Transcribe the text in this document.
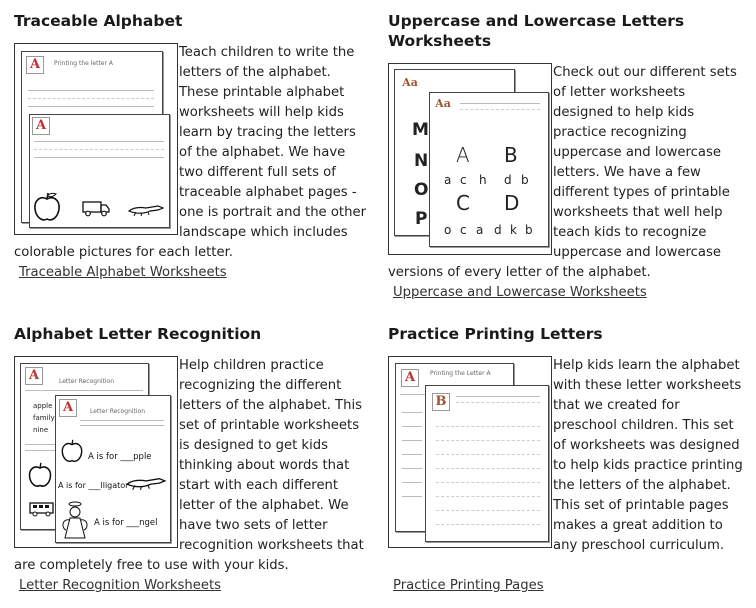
Traceable Alphabet
Teach children to write the letters of the alphabet. These printable alphabet worksheets will help kids learn by tracing the letters of the alphabet. We have two different full sets of traceable alphabet pages - one is portrait and the other landscape which includes colorable pictures for each letter.
A	Printing the letter A
A
Traceable Alphabet Worksheets
Uppercase and Lowercase Letters
Worksheets
Check out our different sets of letter worksheets designed to help kids practice recognizing uppercase and lowercase letters. We have a few different types of printable worksheets that well help teach kids to recognize uppercase and lowercase versions of every letter of the alphabet.
Aa
M
N
O
P
Aa
A B
a c h d b
C D
o c a d k b
Uppercase and Lowercase Worksheets
Alphabet Letter Recognition
Help children practice recognizing the different letters of the alphabet. This set of printable worksheets is designed to get kids thinking about words that start with each different letter of the alphabet. We have two sets of letter recognition worksheets that are completely free to use with your kids.
A	Letter Recognition
apple
family
nine
A	Letter Recognition
A is for ___pple
A is for ___lligator
A is for ___ngel
Letter Recognition Worksheets
Practice Printing Letters
Help kids learn the alphabet with these letter worksheets that we created for preschool children. This set of worksheets was designed to help kids practice printing the letters of the alphabet. This set of printable pages makes a great addition to any preschool curriculum.
A	Printing the Letter A
B
Practice Printing Pages
